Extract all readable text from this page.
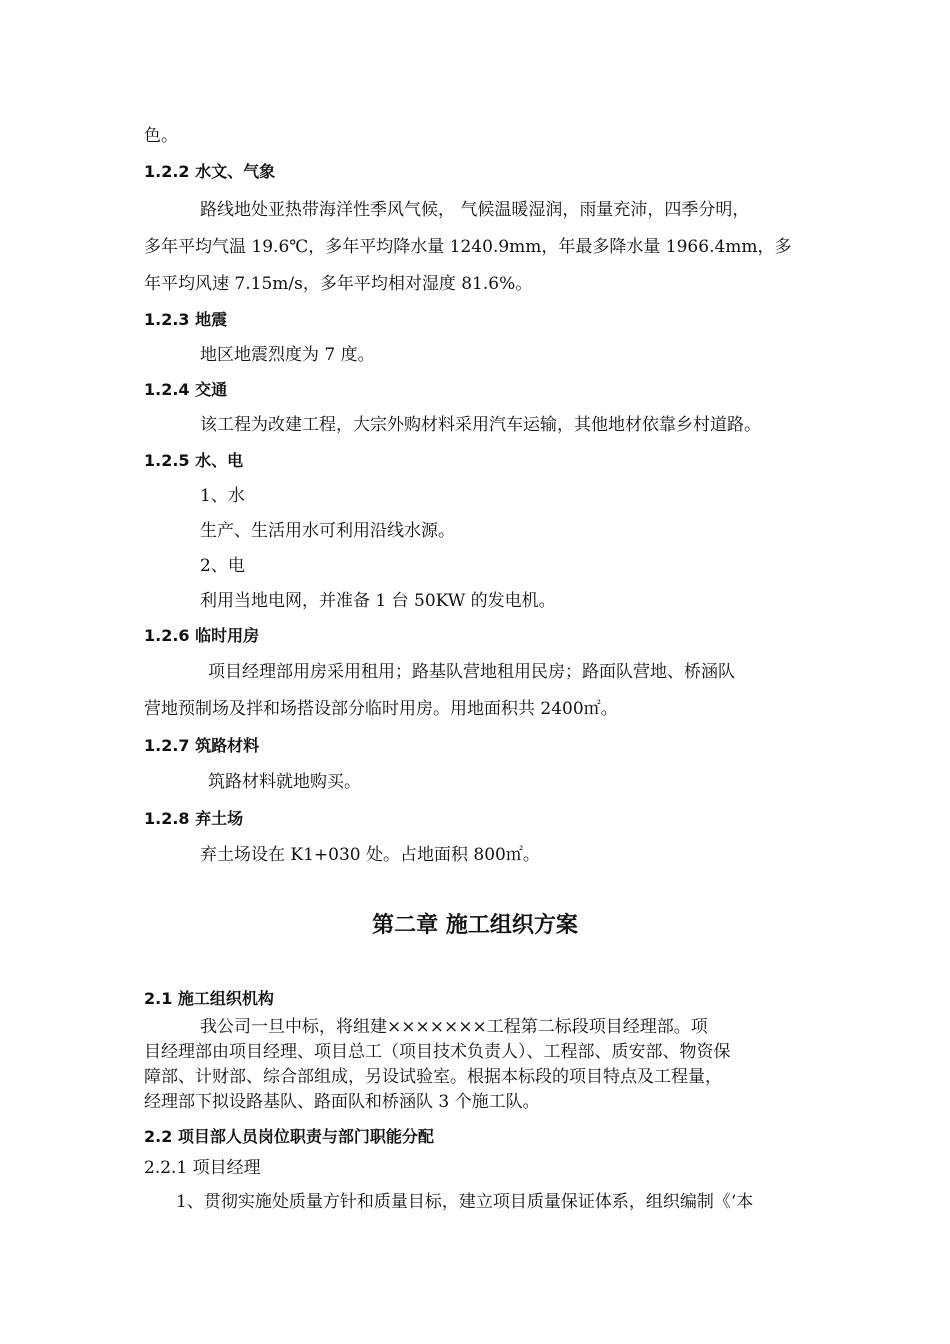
色。
1.2.2 水文、气象
路线地处亚热带海洋性季风气候， 气候温暖湿润，雨量充沛，四季分明，
多年平均气温 19.6℃，多年平均降水量 1240.9mm，年最多降水量 1966.4mm，多
年平均风速 7.15m/s，多年平均相对湿度 81.6%。
1.2.3 地震
地区地震烈度为 7 度。
1.2.4 交通
该工程为改建工程，大宗外购材料采用汽车运输，其他地材依靠乡村道路。
1.2.5 水、电
1、水
生产、生活用水可利用沿线水源。
2、电
利用当地电网，并准备 1 台 50KW 的发电机。
1.2.6 临时用房
项目经理部用房采用租用；路基队营地租用民房；路面队营地、桥涵队
营地预制场及拌和场搭设部分临时用房。用地面积共 2400㎡。
1.2.7 筑路材料
筑路材料就地购买。
1.2.8 弃土场
弃土场设在 K1+030 处。占地面积 800㎡。
第二章 施工组织方案
2.1 施工组织机构
我公司一旦中标，将组建×××××××工程第二标段项目经理部。项
目经理部由项目经理、项目总工（项目技术负责人）、工程部、质安部、物资保
障部、计财部、综合部组成，另设试验室。根据本标段的项目特点及工程量，
经理部下拟设路基队、路面队和桥涵队 3 个施工队。
2.2 项目部人员岗位职责与部门职能分配
2.2.1 项目经理
1、贯彻实施处质量方针和质量目标，建立项目质量保证体系，组织编制《‘本
